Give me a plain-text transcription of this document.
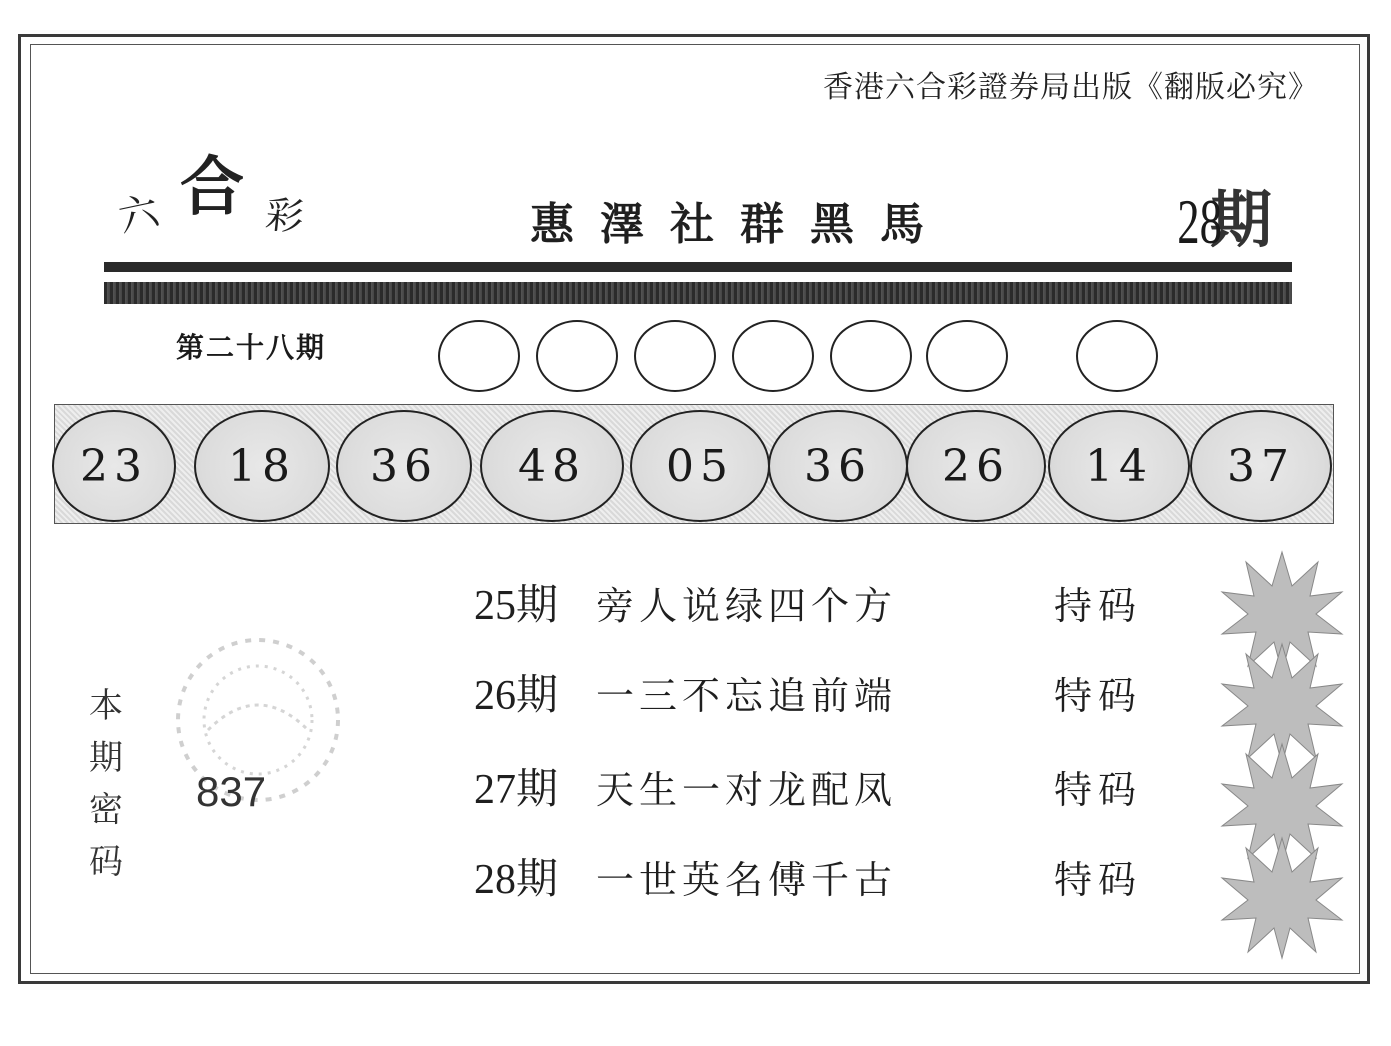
香港六合彩證券局出版《翻版必究》
六 合 彩	惠澤社群黑馬	28
期
第二十八期
23	18	36	48	05	36	26	14	37
本
期
密
码
837
25期 旁人说绿四个方	持码
26期 一三不忘追前端	特码
27期 天生一对龙配凤	特码
28期 一世英名傅千古	特码
